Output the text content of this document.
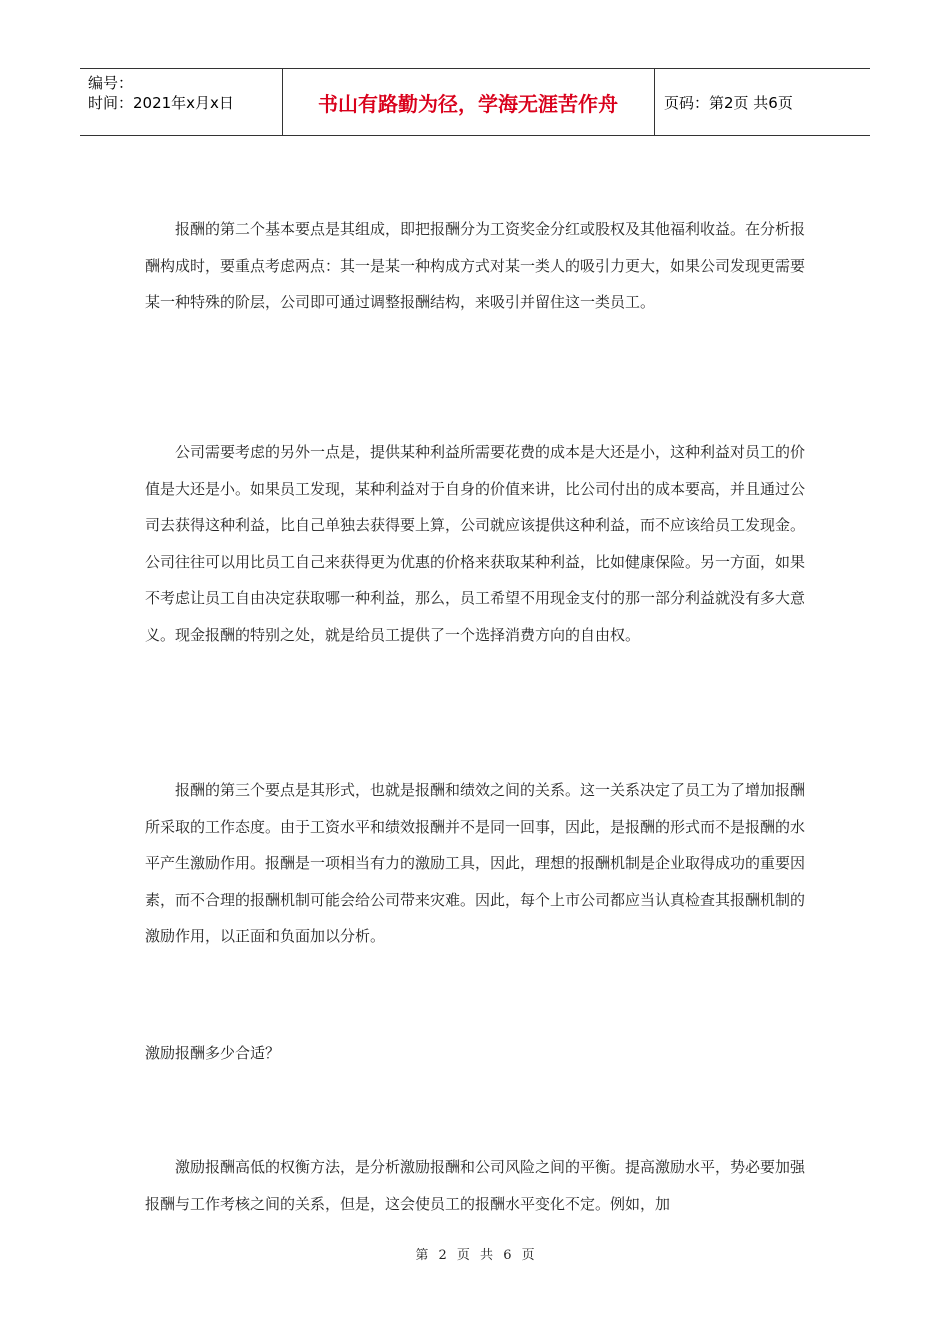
编号：
时间：2021年x月x日	书山有路勤为径，学海无涯苦作舟	页码：第2页 共6页

报酬的第二个基本要点是其组成，即把报酬分为工资奖金分红或股权及其他福利收益。在分析报酬构成时，要重点考虑两点：其一是某一种构成方式对某一类人的吸引力更大，如果公司发现更需要某一种特殊的阶层，公司即可通过调整报酬结构，来吸引并留住这一类员工。

公司需要考虑的另外一点是，提供某种利益所需要花费的成本是大还是小，这种利益对员工的价值是大还是小。如果员工发现，某种利益对于自身的价值来讲，比公司付出的成本要高，并且通过公司去获得这种利益，比自己单独去获得要上算，公司就应该提供这种利益，而不应该给员工发现金。公司往往可以用比员工自己来获得更为优惠的价格来获取某种利益，比如健康保险。另一方面，如果不考虑让员工自由决定获取哪一种利益，那么，员工希望不用现金支付的那一部分利益就没有多大意义。现金报酬的特别之处，就是给员工提供了一个选择消费方向的自由权。

报酬的第三个要点是其形式，也就是报酬和绩效之间的关系。这一关系决定了员工为了增加报酬所采取的工作态度。由于工资水平和绩效报酬并不是同一回事，因此，是报酬的形式而不是报酬的水平产生激励作用。报酬是一项相当有力的激励工具，因此，理想的报酬机制是企业取得成功的重要因素，而不合理的报酬机制可能会给公司带来灾难。因此，每个上市公司都应当认真检查其报酬机制的激励作用，以正面和负面加以分析。

激励报酬多少合适？

激励报酬高低的权衡方法，是分析激励报酬和公司风险之间的平衡。提高激励水平，势必要加强报酬与工作考核之间的关系，但是，这会使员工的报酬水平变化不定。例如，加

第 2 页 共 6 页
